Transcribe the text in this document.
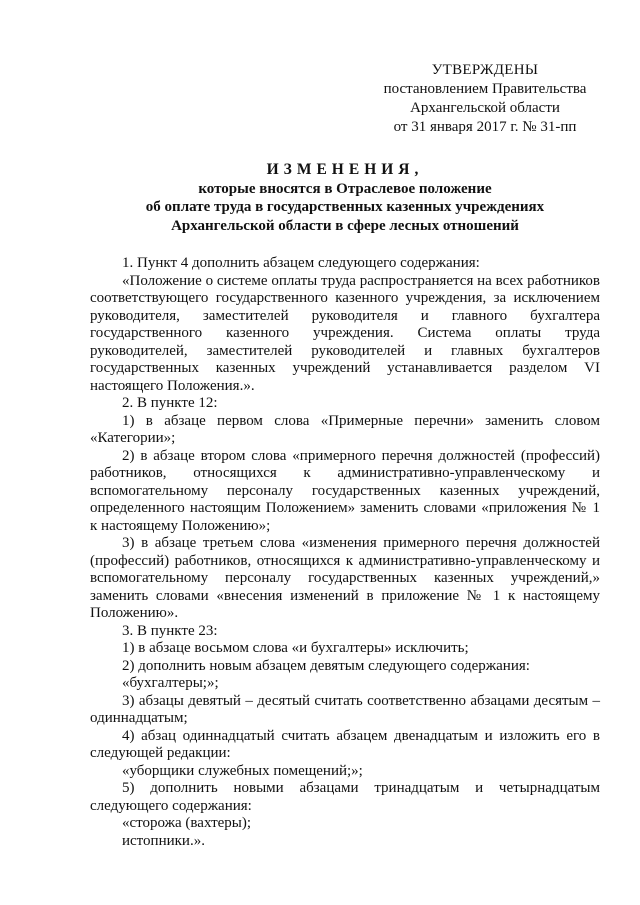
УТВЕРЖДЕНЫ
постановлением Правительства
Архангельской области
от 31 января 2017 г. № 31-пп
ИЗМЕНЕНИЯ,
которые вносятся в Отраслевое положение
об оплате труда в государственных казенных учреждениях
Архангельской области в сфере лесных отношений

1. Пункт 4 дополнить абзацем следующего содержания:

«Положение о системе оплаты труда распространяется на всех работников соответствующего государственного казенного учреждения, за исключением руководителя, заместителей руководителя и главного бухгалтера государственного казенного учреждения. Система оплаты труда руководителей, заместителей руководителей и главных бухгалтеров государственных казенных учреждений устанавливается разделом VI настоящего Положения.».

2. В пункте 12:

1) в абзаце первом слова «Примерные перечни» заменить словом «Категории»;

2) в абзаце втором слова «примерного перечня должностей (профессий) работников, относящихся к административно-управленческому и вспомогательному персоналу государственных казенных учреждений, определенного настоящим Положением» заменить словами «приложения № 1 к настоящему Положению»;

3) в абзаце третьем слова «изменения примерного перечня должностей (профессий) работников, относящихся к административно-управленческому и вспомогательному персоналу государственных казенных учреждений,» заменить словами «внесения изменений в приложение № 1 к настоящему Положению».

3. В пункте 23:

1) в абзаце восьмом слова «и бухгалтеры» исключить;

2) дополнить новым абзацем девятым следующего содержания:

«бухгалтеры;»;

3) абзацы девятый – десятый считать соответственно абзацами десятым – одиннадцатым;

4) абзац одиннадцатый считать абзацем двенадцатым и изложить его в следующей редакции:

«уборщики служебных помещений;»;

5) дополнить новыми абзацами тринадцатым и четырнадцатым следующего содержания:

«сторожа (вахтеры);

истопники.».
